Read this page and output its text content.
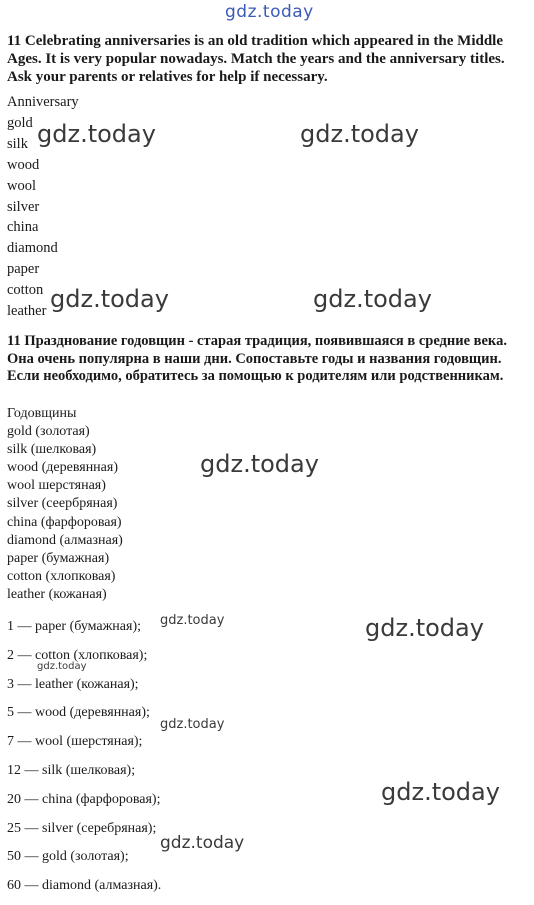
gdz.today
11 Celebrating anniversaries is an old tradition which appeared in the Middle Ages. It is very popular nowadays. Match the years and the anniversary titles. Ask your parents or relatives for help if necessary.
Anniversary
gold
silk
wood
wool
silver
china
diamond
paper
cotton
leather
gdz.today	gdz.today
gdz.today	gdz.today
11 Празднование годовщин - старая традиция, появившаяся в средние века. Она очень популярна в наши дни. Сопоставьте годы и названия годовщин. Если необходимо, обратитесь за помощью к родителям или родственникам.
Годовщины
gold (золотая)
silk (шелковая)
wood (деревянная)
wool шерстяная)
silver (сеербряная)
china (фарфоровая)
diamond (алмазная)
paper (бумажная)
cotton (хлопковая)
leather (кожаная)
gdz.today
1 — paper (бумажная);
2 — cotton (хлопковая);
3 — leather (кожаная);
5 — wood (деревянная);
7 — wool (шерстяная);
12 — silk (шелковая);
20 — china (фарфоровая);
25 — silver (серебряная);
50 — gold (золотая);
60 — diamond (алмазная).
gdz.today	gdz.today
gdz.today
gdz.today
gdz.today
gdz.today
